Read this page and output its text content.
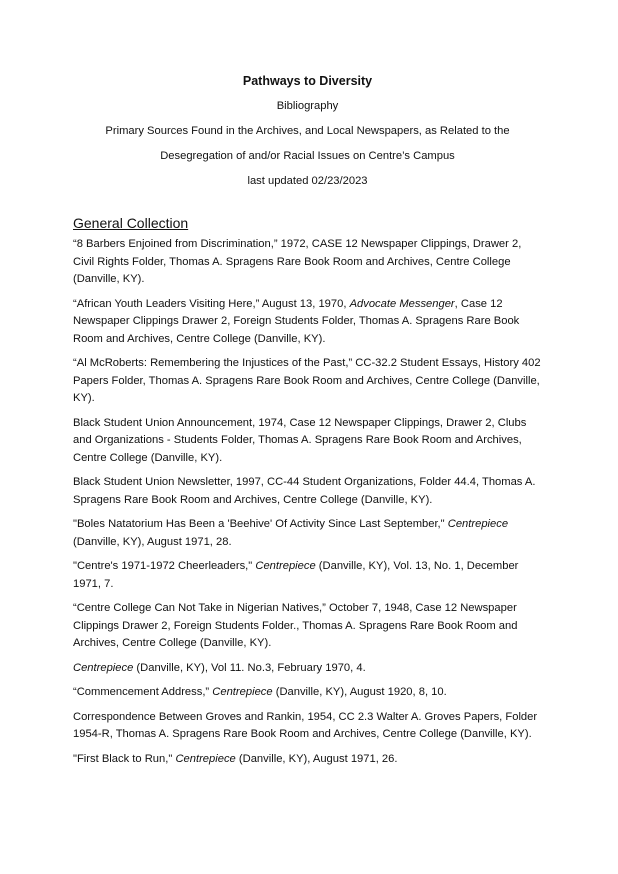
Pathways to Diversity
Bibliography
Primary Sources Found in the Archives, and Local Newspapers, as Related to the
Desegregation of and/or Racial Issues on Centre’s Campus
last updated 02/23/2023
General Collection

“8 Barbers Enjoined from Discrimination,” 1972, CASE 12 Newspaper Clippings, Drawer 2, Civil Rights Folder, Thomas A. Spragens Rare Book Room and Archives, Centre College (Danville, KY).

“African Youth Leaders Visiting Here,” August 13, 1970, Advocate Messenger, Case 12 Newspaper Clippings Drawer 2, Foreign Students Folder, Thomas A. Spragens Rare Book Room and Archives, Centre College (Danville, KY).

“Al McRoberts: Remembering the Injustices of the Past,” CC-32.2 Student Essays, History 402 Papers Folder, Thomas A. Spragens Rare Book Room and Archives, Centre College (Danville, KY).

Black Student Union Announcement, 1974, Case 12 Newspaper Clippings, Drawer 2, Clubs and Organizations - Students Folder, Thomas A. Spragens Rare Book Room and Archives, Centre College (Danville, KY).

Black Student Union Newsletter, 1997, CC-44 Student Organizations, Folder 44.4, Thomas A. Spragens Rare Book Room and Archives, Centre College (Danville, KY).

"Boles Natatorium Has Been a 'Beehive' Of Activity Since Last September," Centrepiece (Danville, KY), August 1971, 28.

"Centre's 1971-1972 Cheerleaders," Centrepiece (Danville, KY), Vol. 13, No. 1, December 1971, 7.

“Centre College Can Not Take in Nigerian Natives,” October 7, 1948, Case 12 Newspaper Clippings Drawer 2, Foreign Students Folder., Thomas A. Spragens Rare Book Room and Archives, Centre College (Danville, KY).

Centrepiece (Danville, KY), Vol 11. No.3, February 1970, 4.

“Commencement Address,” Centrepiece (Danville, KY), August 1920, 8, 10.

Correspondence Between Groves and Rankin, 1954, CC 2.3 Walter A. Groves Papers, Folder 1954-R, Thomas A. Spragens Rare Book Room and Archives, Centre College (Danville, KY).

"First Black to Run," Centrepiece (Danville, KY), August 1971, 26.
